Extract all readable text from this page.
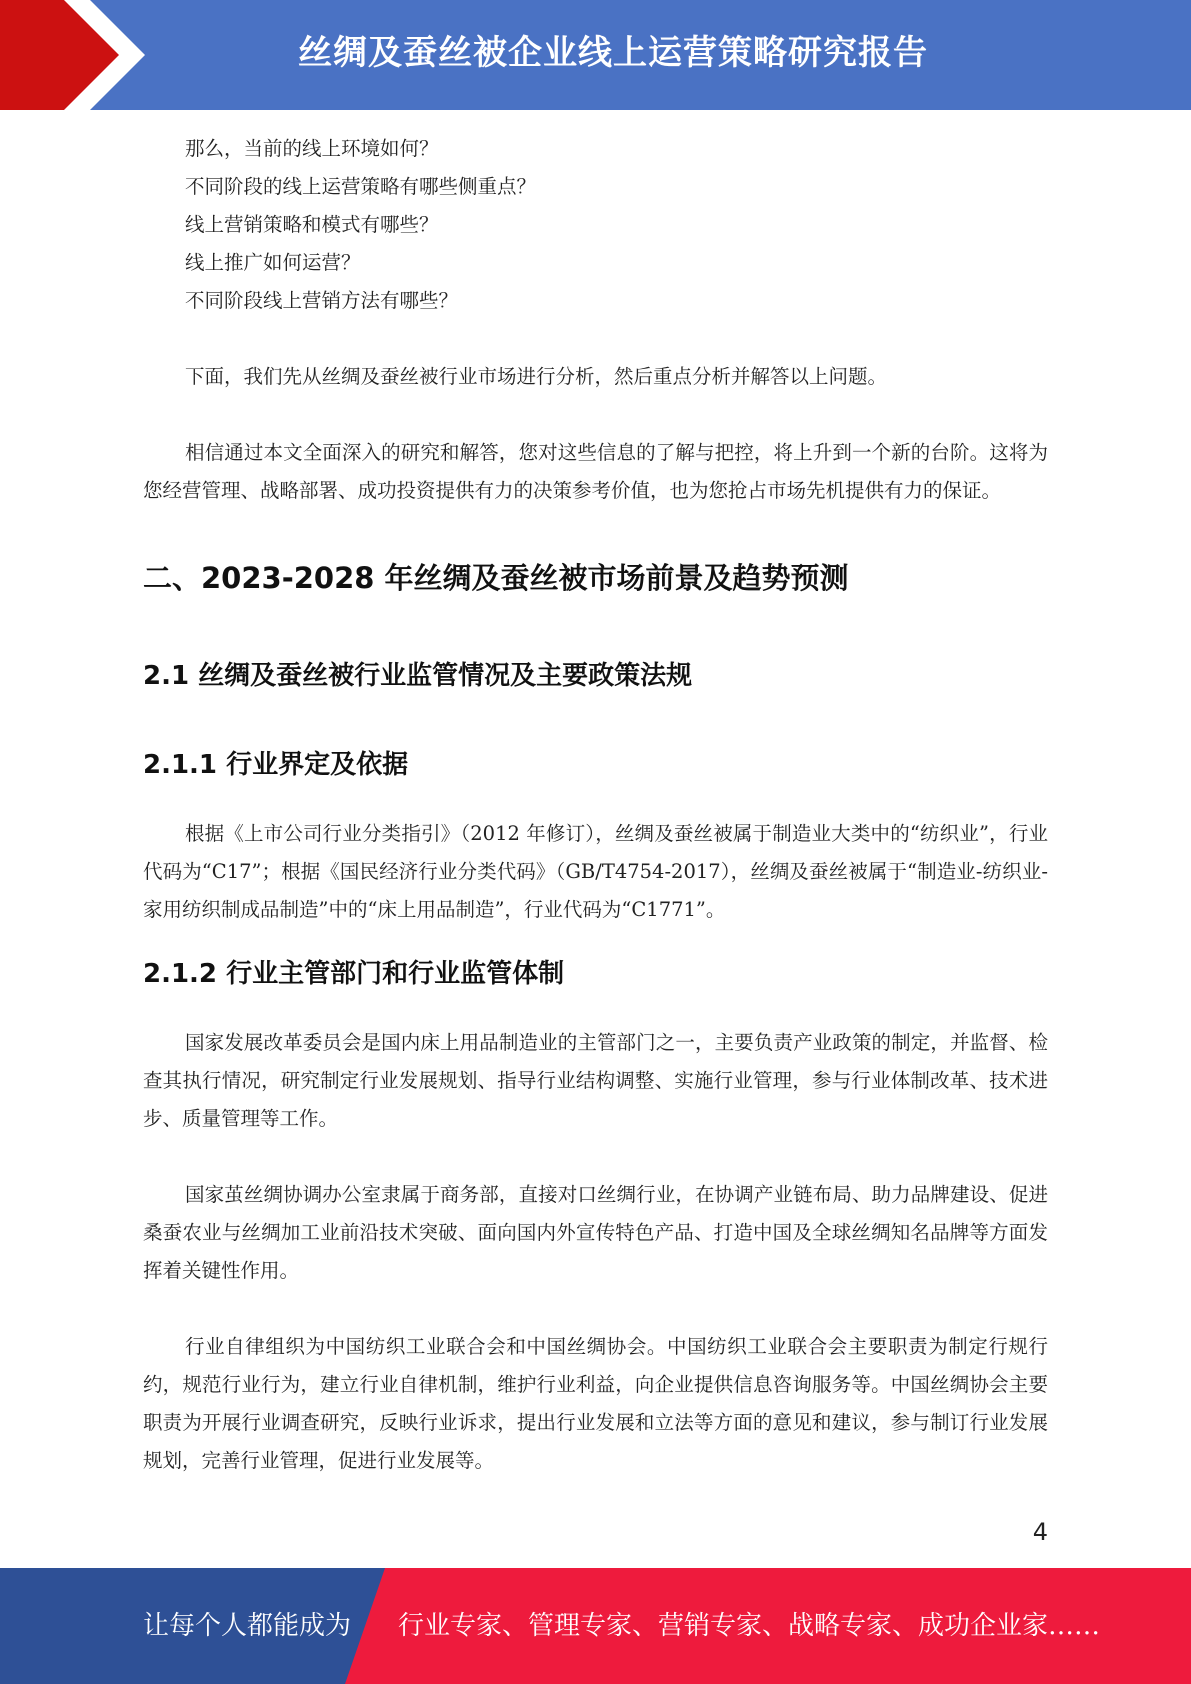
丝绸及蚕丝被企业线上运营策略研究报告

那么，当前的线上环境如何？

不同阶段的线上运营策略有哪些侧重点？

线上营销策略和模式有哪些？

线上推广如何运营？

不同阶段线上营销方法有哪些？

下面，我们先从丝绸及蚕丝被行业市场进行分析，然后重点分析并解答以上问题。

相信通过本文全面深入的研究和解答，您对这些信息的了解与把控，将上升到一个新的台阶。这将为您经营管理、战略部署、成功投资提供有力的决策参考价值，也为您抢占市场先机提供有力的保证。

二、2023-2028 年丝绸及蚕丝被市场前景及趋势预测
2.1 丝绸及蚕丝被行业监管情况及主要政策法规
2.1.1 行业界定及依据

根据《上市公司行业分类指引》（2012 年修订），丝绸及蚕丝被属于制造业大类中的“纺织业”，行业代码为“C17”；根据《国民经济行业分类代码》（GB/T4754-2017），丝绸及蚕丝被属于“制造业-纺织业-家用纺织制成品制造”中的“床上用品制造”，行业代码为“C1771”。

2.1.2 行业主管部门和行业监管体制

国家发展改革委员会是国内床上用品制造业的主管部门之一，主要负责产业政策的制定，并监督、检查其执行情况，研究制定行业发展规划、指导行业结构调整、实施行业管理，参与行业体制改革、技术进步、质量管理等工作。

国家茧丝绸协调办公室隶属于商务部，直接对口丝绸行业，在协调产业链布局、助力品牌建设、促进桑蚕农业与丝绸加工业前沿技术突破、面向国内外宣传特色产品、打造中国及全球丝绸知名品牌等方面发挥着关键性作用。

行业自律组织为中国纺织工业联合会和中国丝绸协会。中国纺织工业联合会主要职责为制定行规行约，规范行业行为，建立行业自律机制，维护行业利益，向企业提供信息咨询服务等。中国丝绸协会主要职责为开展行业调查研究，反映行业诉求，提出行业发展和立法等方面的意见和建议，参与制订行业发展规划，完善行业管理，促进行业发展等。

4
让每个人都能成为 行业专家、管理专家、营销专家、战略专家、成功企业家……
